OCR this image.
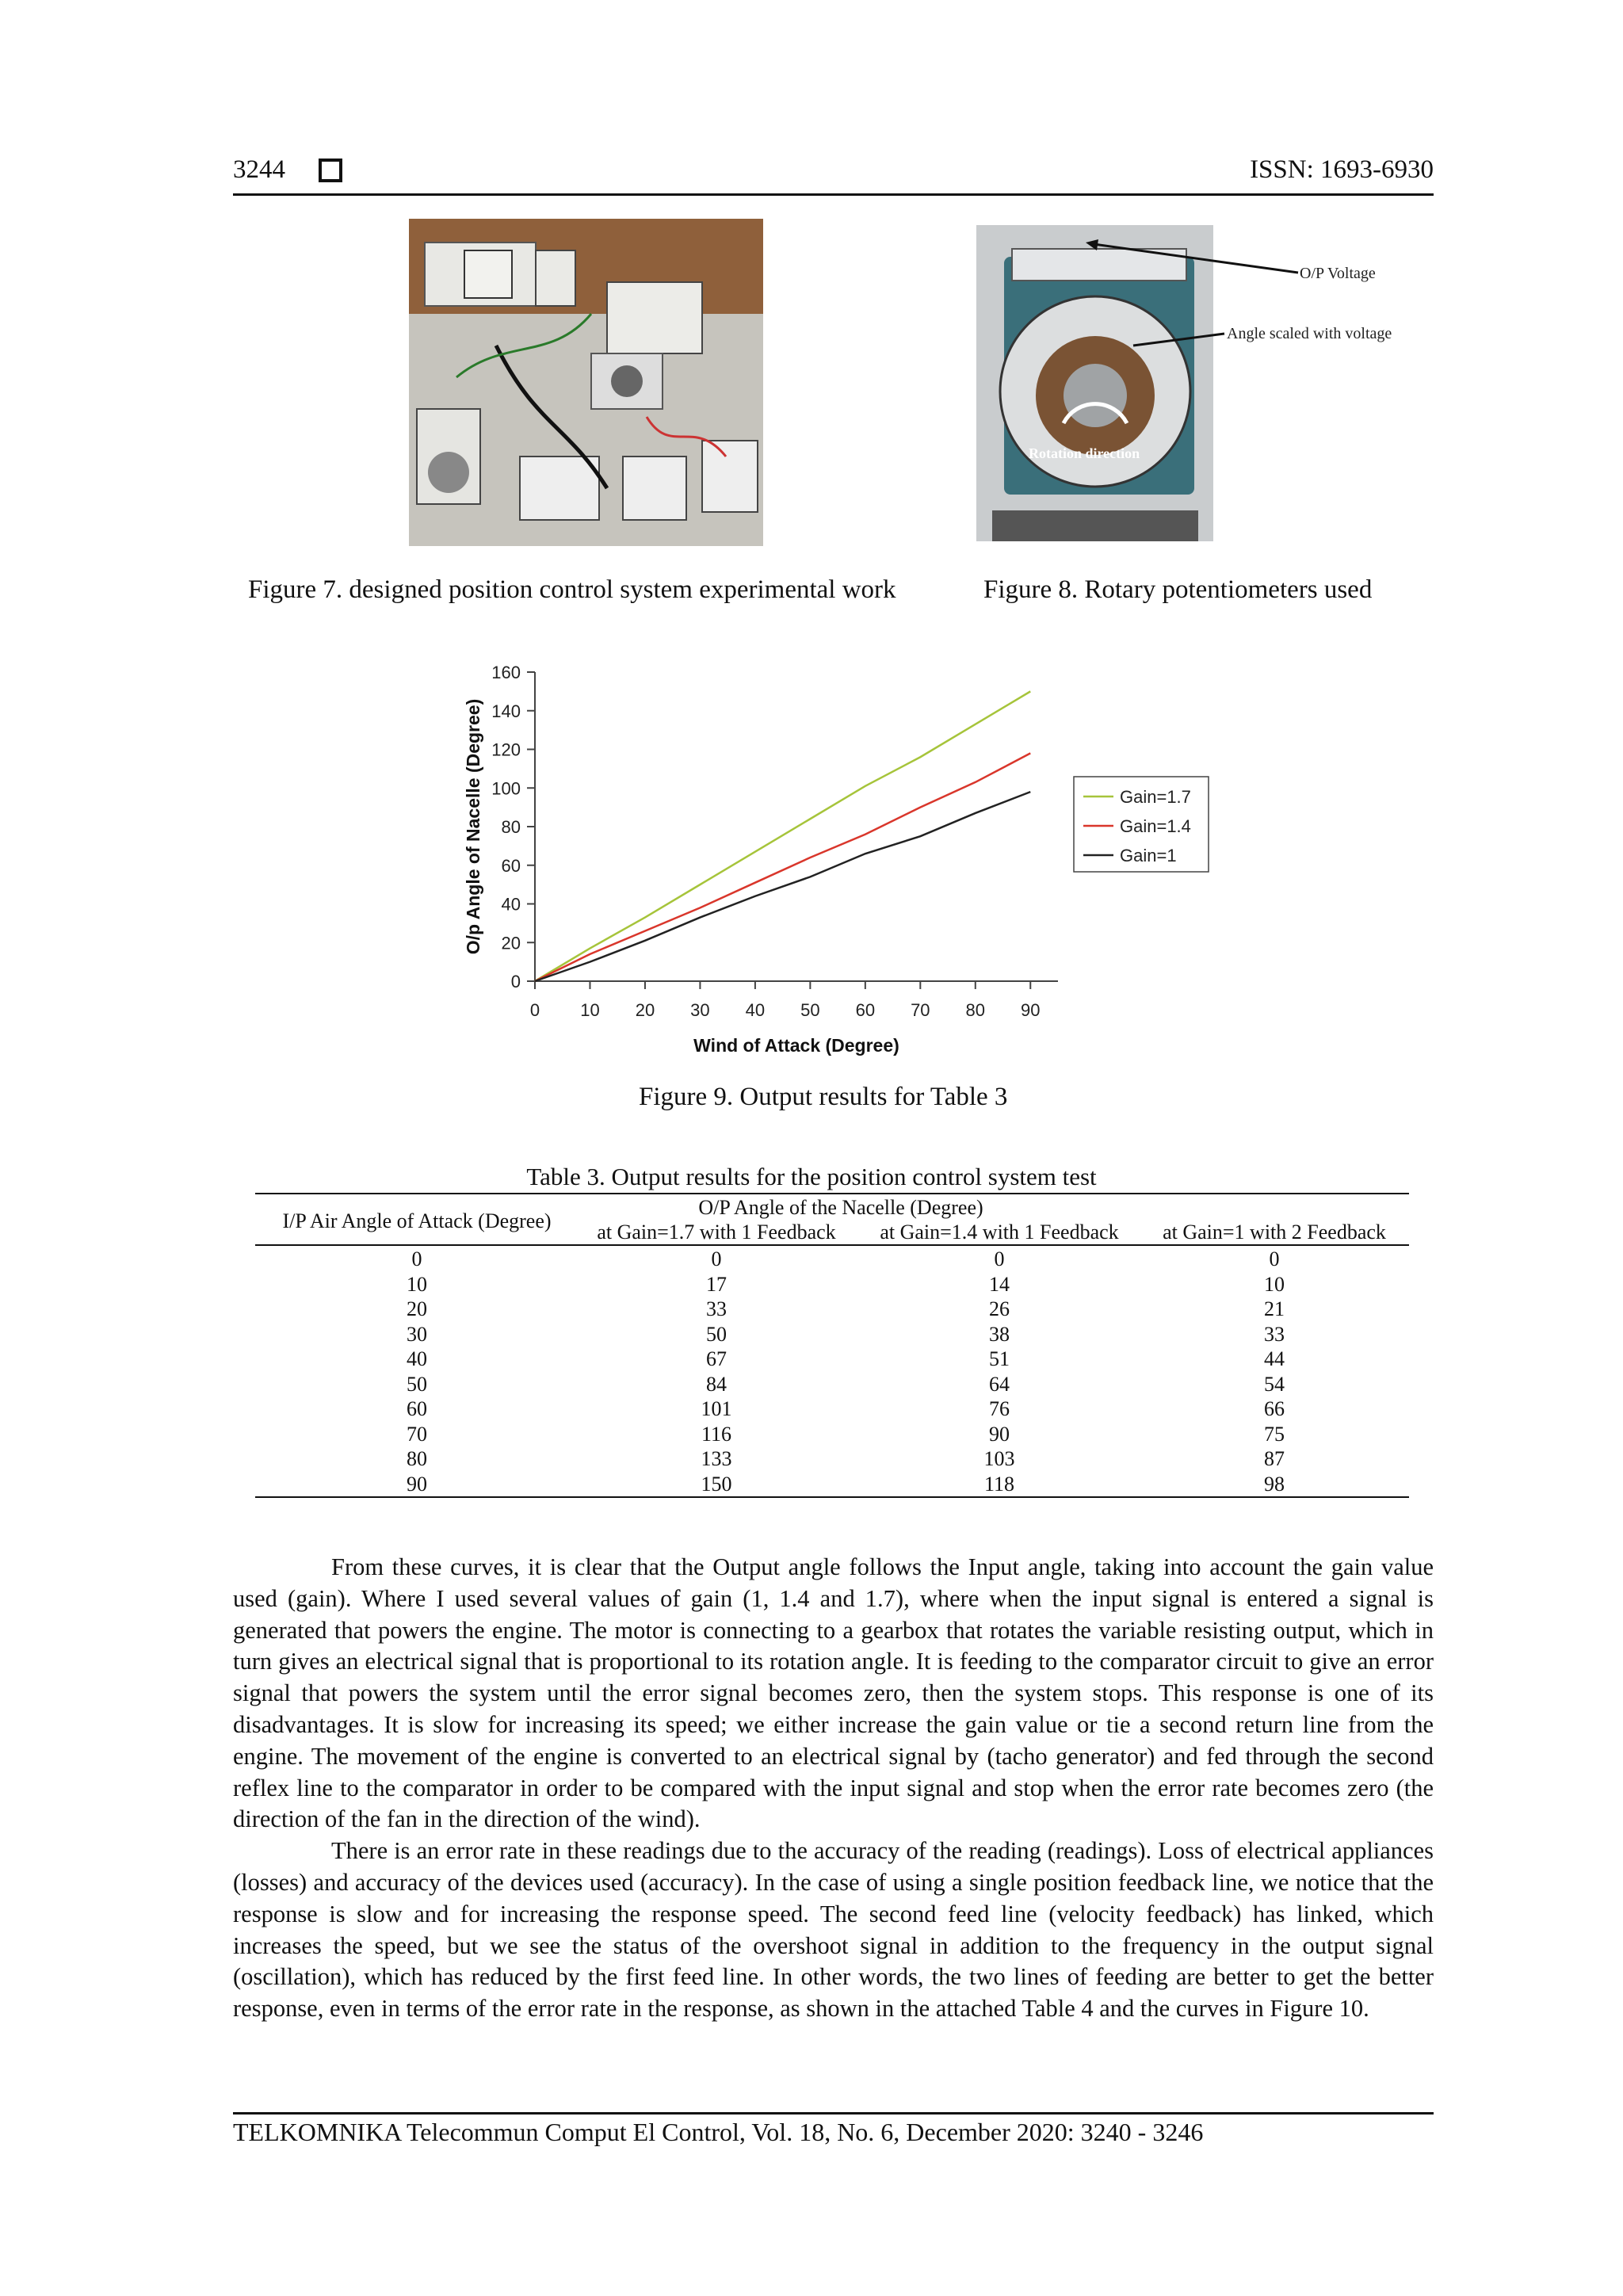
3244	ISSN: 1693-6930
O/P Voltage
Angle scaled with voltage
Rotation direction
Figure 7. designed position control system experimental work	Figure 8. Rotary potentiometers used
0
20
40
60
80
100
120
140
160
0 10 20 30 40 50 60 70 80 90
Wind of Attack (Degree)
O/p Angle of Nacelle (Degree)	Gain=1.7
Gain=1.4
Gain=1
Figure 9. Output results for Table 3
Table 3. Output results for the position control system test
I/P Air Angle of Attack (Degree)
O/P Angle of the Nacelle (Degree)
at Gain=1.7 with 1 Feedback	at Gain=1.4 with 1 Feedback	at Gain=1 with 2 Feedback
0	0	0	0
10	17	14	10
20	33	26	21
30	50	38	33
40	67	51	44
50	84	64	54
60	101	76	66
70	116	90	75
80	133	103	87
90	150	118	98

From these curves, it is clear that the Output angle follows the Input angle, taking into account the gain value used (gain). Where I used several values of gain (1, 1.4 and 1.7), where when the input signal is entered a signal is generated that powers the engine. The motor is connecting to a gearbox that rotates the variable resisting output, which in turn gives an electrical signal that is proportional to its rotation angle. It is feeding to the comparator circuit to give an error signal that powers the system until the error signal becomes zero, then the system stops. This response is one of its disadvantages. It is slow for increasing its speed; we either increase the gain value or tie a second return line from the engine. The movement of the engine is converted to an electrical signal by (tacho generator) and fed through the second reflex line to the comparator in order to be compared with the input signal and stop when the error rate becomes zero (the direction of the fan in the direction of the wind).

There is an error rate in these readings due to the accuracy of the reading (readings). Loss of electrical appliances (losses) and accuracy of the devices used (accuracy). In the case of using a single position feedback line, we notice that the response is slow and for increasing the response speed. The second feed line (velocity feedback) has linked, which increases the speed, but we see the status of the overshoot signal in addition to the frequency in the output signal (oscillation), which has reduced by the first feed line. In other words, the two lines of feeding are better to get the better response, even in terms of the error rate in the response, as shown in the attached Table 4 and the curves in Figure 10.

TELKOMNIKA Telecommun Comput El Control, Vol. 18, No. 6, December 2020: 3240 - 3246
